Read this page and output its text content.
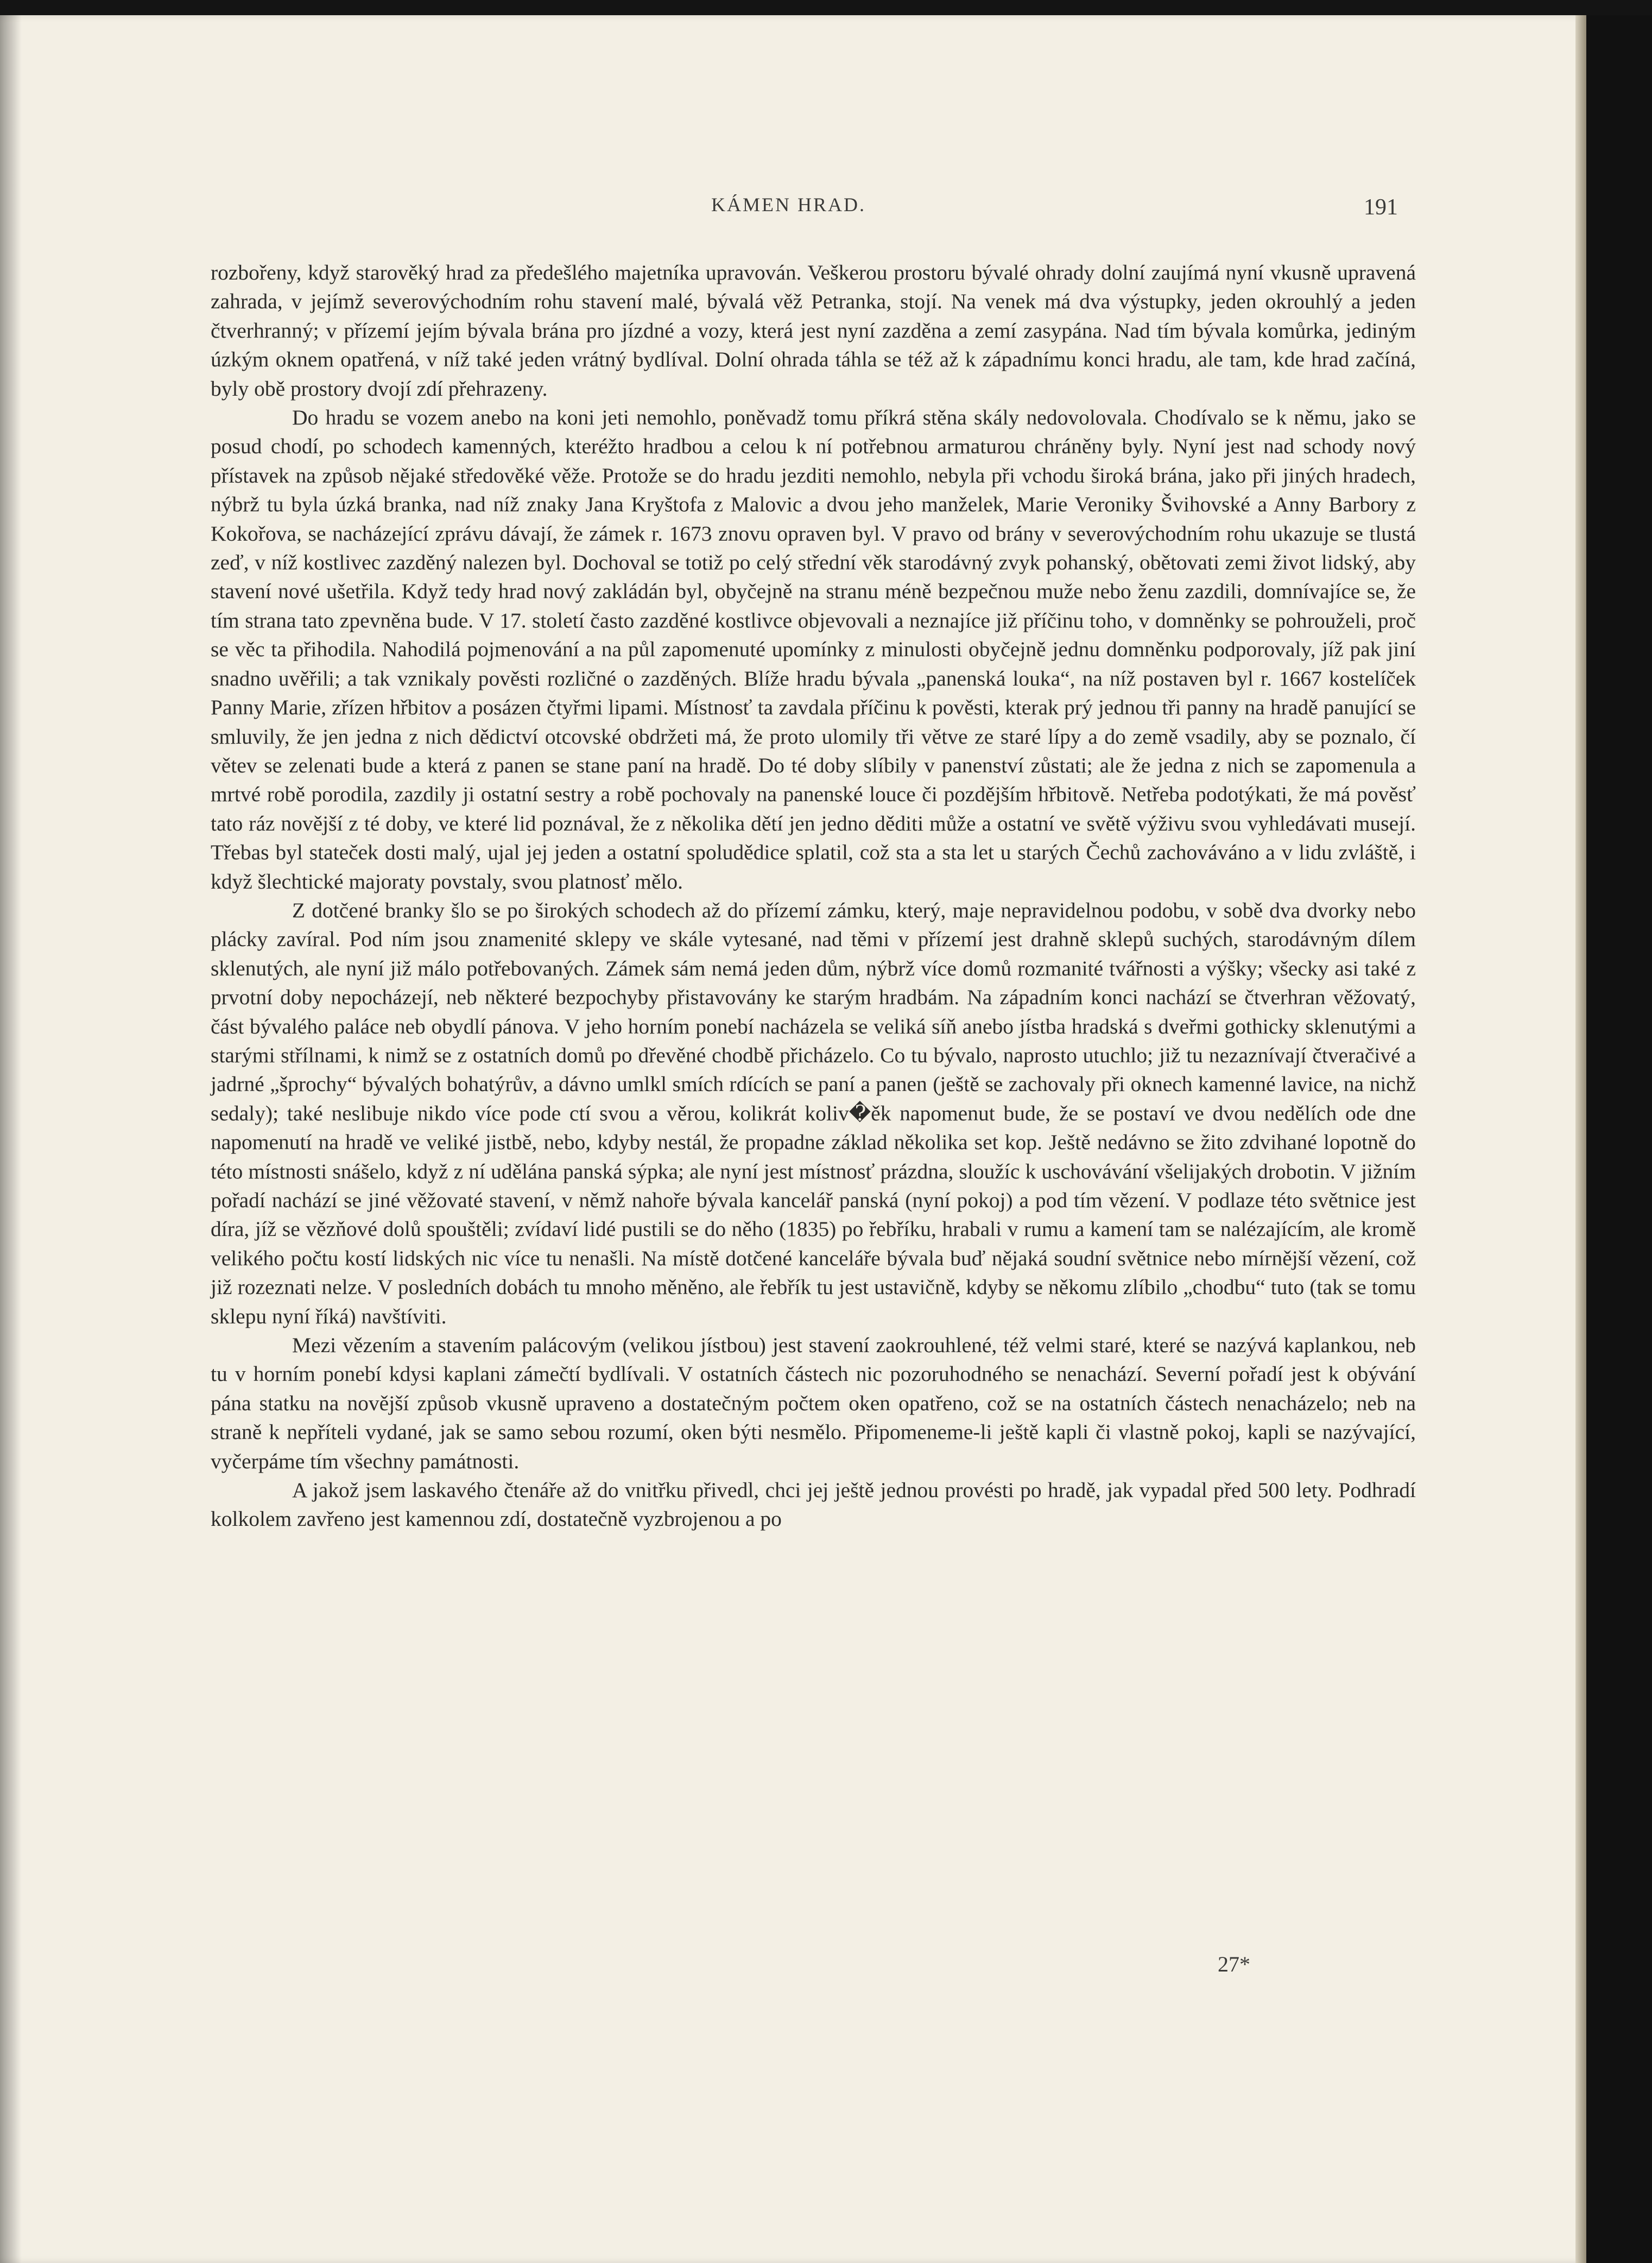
KÁMEN HRAD.	191

rozbořeny, když starověký hrad za předešlého majetníka upravován. Veškerou prostoru bývalé ohrady dolní zaujímá nyní vkusně upravená zahrada, v jejímž severovýchodním rohu stavení malé, bývalá věž Petranka, stojí. Na venek má dva výstupky, jeden okrouhlý a jeden čtverhranný; v přízemí jejím bývala brána pro jízdné a vozy, která jest nyní zazděna a zemí zasypána. Nad tím bývala komůrka, jediným úzkým oknem opatřená, v níž také jeden vrátný bydlíval. Dolní ohrada táhla se též až k západnímu konci hradu, ale tam, kde hrad začíná, byly obě prostory dvojí zdí přehrazeny.

Do hradu se vozem anebo na koni jeti nemohlo, poněvadž tomu příkrá stěna skály nedovolovala. Chodívalo se k němu, jako se posud chodí, po schodech kamenných, kteréžto hradbou a celou k ní potřebnou armaturou chráněny byly. Nyní jest nad schody nový přístavek na způsob nějaké středověké věže. Protože se do hradu jezditi nemohlo, nebyla při vchodu široká brána, jako při jiných hradech, nýbrž tu byla úzká branka, nad níž znaky Jana Kryštofa z Malovic a dvou jeho manželek, Marie Veroniky Švihovské a Anny Barbory z Kokořova, se nacházející zprávu dávají, že zámek r. 1673 znovu opraven byl. V pravo od brány v severovýchodním rohu ukazuje se tlustá zeď, v níž kostlivec zazděný nalezen byl. Dochoval se totiž po celý střední věk starodávný zvyk pohanský, obětovati zemi život lidský, aby stavení nové ušetřila. Když tedy hrad nový zakládán byl, obyčejně na stranu méně bezpečnou muže nebo ženu zazdili, domnívajíce se, že tím strana tato zpevněna bude. V 17. století často zazděné kostlivce objevovali a neznajíce již příčinu toho, v domněnky se pohrouželi, proč se věc ta přihodila. Nahodilá pojmenování a na půl zapomenuté upomínky z minulosti obyčejně jednu domněnku podporovaly, jíž pak jiní snadno uvěřili; a tak vznikaly pověsti rozličné o zazděných. Blíže hradu bývala „panenská louka“, na níž postaven byl r. 1667 kostelíček Panny Marie, zřízen hřbitov a posázen čtyřmi lipami. Místnosť ta zavdala příčinu k pověsti, kterak prý jednou tři panny na hradě panující se smluvily, že jen jedna z nich dědictví otcovské obdržeti má, že proto ulomily tři větve ze staré lípy a do země vsadily, aby se poznalo, čí větev se zelenati bude a která z panen se stane paní na hradě. Do té doby slíbily v panenství zůstati; ale že jedna z nich se zapomenula a mrtvé robě porodila, zazdily ji ostatní sestry a robě pochovaly na panenské louce či pozdějším hřbitově. Netřeba podotýkati, že má pověsť tato ráz novější z té doby, ve které lid poznával, že z několika dětí jen jedno děditi může a ostatní ve světě výživu svou vyhledávati musejí. Třebas byl stateček dosti malý, ujal jej jeden a ostatní spoludědice splatil, což sta a sta let u starých Čechů zachováváno a v lidu zvláště, i když šlechtické majoraty povstaly, svou platnosť mělo.

Z dotčené branky šlo se po širokých schodech až do přízemí zámku, který, maje nepravidelnou podobu, v sobě dva dvorky nebo plácky zavíral. Pod ním jsou znamenité sklepy ve skále vytesané, nad těmi v přízemí jest drahně sklepů suchých, starodávným dílem sklenutých, ale nyní již málo potřebovaných. Zámek sám nemá jeden dům, nýbrž více domů rozmanité tvářnosti a výšky; všecky asi také z prvotní doby nepocházejí, neb některé bezpochyby přistavovány ke starým hradbám. Na západním konci nachází se čtverhran věžovatý, část bývalého paláce neb obydlí pánova. V jeho horním ponebí nacházela se veliká síň anebo jístba hradská s dveřmi gothicky sklenutými a starými střílnami, k nimž se z ostatních domů po dřevěné chodbě přicházelo. Co tu bývalo, naprosto utuchlo; již tu nezaznívají čtveračivé a jadrné „šprochy“ bývalých bohatýrův, a dávno umlkl smích rdících se paní a panen (ještě se zachovaly při oknech kamenné lavice, na nichž sedaly); také neslibuje nikdo více pode ctí svou a věrou, kolikrát koliv�ěk napomenut bude, že se postaví ve dvou nedělích ode dne napomenutí na hradě ve veliké jistbě, nebo, kdyby nestál, že propadne základ několika set kop. Ještě nedávno se žito zdvihané lopotně do této místnosti snášelo, když z ní udělána panská sýpka; ale nyní jest místnosť prázdna, sloužíc k uschovávání všelijakých drobotin. V jižním pořadí nachází se jiné věžovaté stavení, v němž nahoře bývala kancelář panská (nyní pokoj) a pod tím vězení. V podlaze této světnice jest díra, jíž se vězňové dolů spouštěli; zvídaví lidé pustili se do něho (1835) po řebříku, hrabali v rumu a kamení tam se nalézajícím, ale kromě velikého počtu kostí lidských nic více tu nenašli. Na místě dotčené kanceláře bývala buď nějaká soudní světnice nebo mírnější vězení, což již rozeznati nelze. V posledních dobách tu mnoho měněno, ale řebřík tu jest ustavičně, kdyby se někomu zlíbilo „chodbu“ tuto (tak se tomu sklepu nyní říká) navštíviti.

Mezi vězením a stavením palácovým (velikou jístbou) jest stavení zaokrouhlené, též velmi staré, které se nazývá kaplankou, neb tu v horním ponebí kdysi kaplani zámečtí bydlívali. V ostatních částech nic pozoruhodného se nenachází. Severní pořadí jest k obývání pána statku na novější způsob vkusně upraveno a dostatečným počtem oken opatřeno, což se na ostatních částech nenacházelo; neb na straně k nepříteli vydané, jak se samo sebou rozumí, oken býti nesmělo. Připomeneme-li ještě kapli či vlastně pokoj, kapli se nazývající, vyčerpáme tím všechny památnosti.

A jakož jsem laskavého čtenáře až do vnitřku přivedl, chci jej ještě jednou provésti po hradě, jak vypadal před 500 lety. Podhradí kolkolem zavřeno jest kamennou zdí, dostatečně vyzbrojenou a po

27*
